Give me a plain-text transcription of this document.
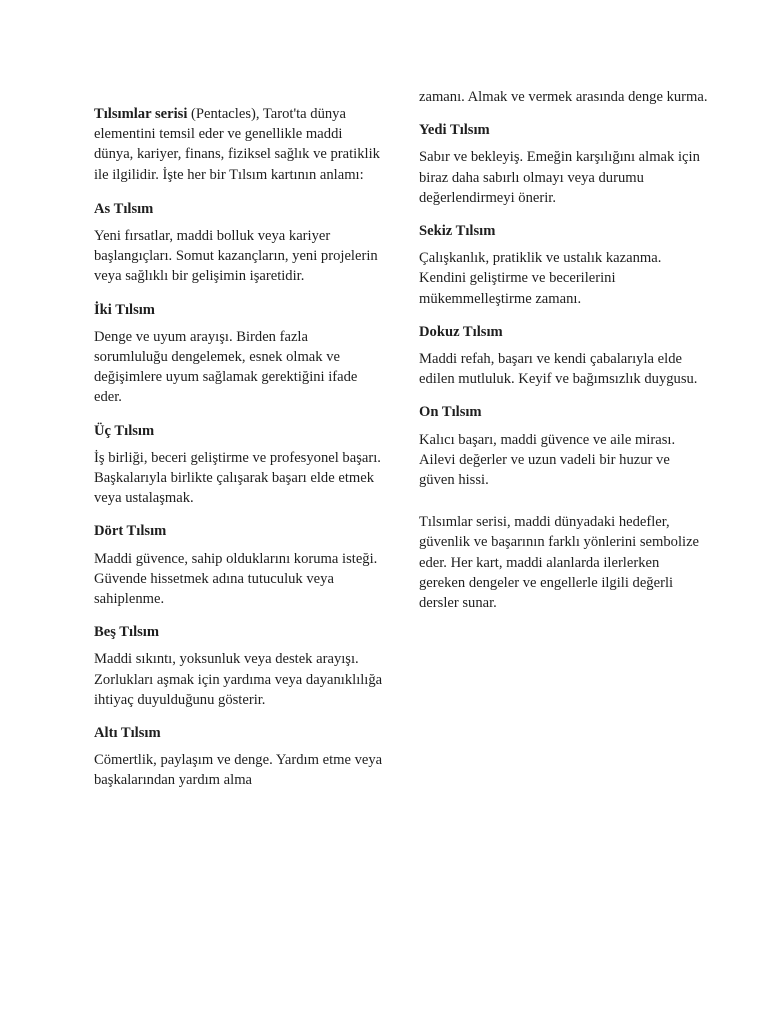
Tılsımlar serisi (Pentacles), Tarot'ta dünya elementini temsil eder ve genellikle maddi dünya, kariyer, finans, fiziksel sağlık ve pratiklik ile ilgilidir. İşte her bir Tılsım kartının anlamı:

As Tılsım

Yeni fırsatlar, maddi bolluk veya kariyer başlangıçları. Somut kazançların, yeni projelerin veya sağlıklı bir gelişimin işaretidir.

İki Tılsım

Denge ve uyum arayışı. Birden fazla sorumluluğu dengelemek, esnek olmak ve değişimlere uyum sağlamak gerektiğini ifade eder.

Üç Tılsım

İş birliği, beceri geliştirme ve profesyonel başarı. Başkalarıyla birlikte çalışarak başarı elde etmek veya ustalaşmak.

Dört Tılsım

Maddi güvence, sahip olduklarını koruma isteği. Güvende hissetmek adına tutuculuk veya sahiplenme.

Beş Tılsım

Maddi sıkıntı, yoksunluk veya destek arayışı. Zorlukları aşmak için yardıma veya dayanıklılığa ihtiyaç duyulduğunu gösterir.

Altı Tılsım

Cömertlik, paylaşım ve denge. Yardım etme veya başkalarından yardım alma

zamanı. Almak ve vermek arasında denge kurma.

Yedi Tılsım

Sabır ve bekleyiş. Emeğin karşılığını almak için biraz daha sabırlı olmayı veya durumu değerlendirmeyi önerir.

Sekiz Tılsım

Çalışkanlık, pratiklik ve ustalık kazanma. Kendini geliştirme ve becerilerini mükemmelleştirme zamanı.

Dokuz Tılsım

Maddi refah, başarı ve kendi çabalarıyla elde edilen mutluluk. Keyif ve bağımsızlık duygusu.

On Tılsım

Kalıcı başarı, maddi güvence ve aile mirası. Ailevi değerler ve uzun vadeli bir huzur ve güven hissi.

Tılsımlar serisi, maddi dünyadaki hedefler, güvenlik ve başarının farklı yönlerini sembolize eder. Her kart, maddi alanlarda ilerlerken gereken dengeler ve engellerle ilgili değerli dersler sunar.
